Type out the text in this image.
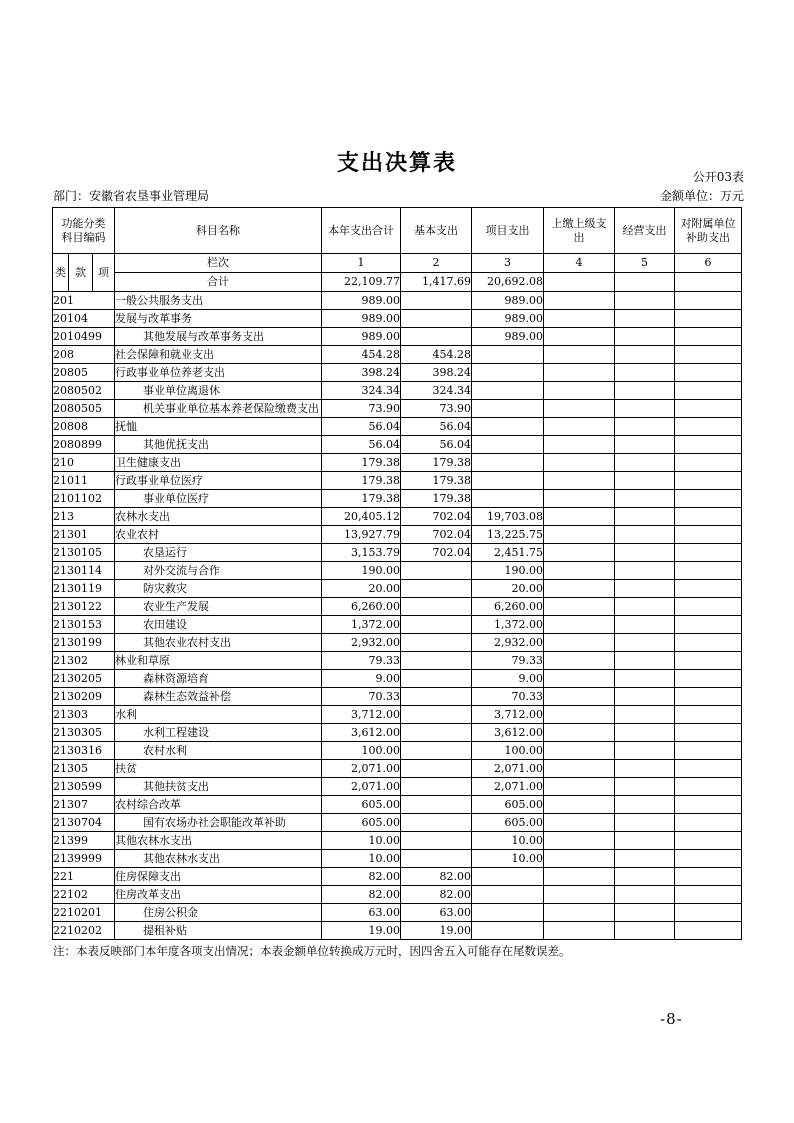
支出决算表
公开03表
部门：安徽省农垦事业管理局	金额单位：万元
功能分类科目编码			科目名称	本年支出合计	基本支出	项目支出	上缴上级支出	经营支出	对附属单位补助支出
类	款	项	栏次	1	2	3	4	5	6
			合计	22,109.77	1,417.69	20,692.08			
201			一般公共服务支出	989.00		989.00			
20104			发展与改革事务	989.00		989.00			
2010499			其他发展与改革事务支出	989.00		989.00			
208			社会保障和就业支出	454.28	454.28				
20805			行政事业单位养老支出	398.24	398.24				
2080502			事业单位离退休	324.34	324.34				
2080505			机关事业单位基本养老保险缴费支出	73.90	73.90				
20808			抚恤	56.04	56.04				
2080899			其他优抚支出	56.04	56.04				
210			卫生健康支出	179.38	179.38				
21011			行政事业单位医疗	179.38	179.38				
2101102			事业单位医疗	179.38	179.38				
213			农林水支出	20,405.12	702.04	19,703.08			
21301			农业农村	13,927.79	702.04	13,225.75			
2130105			农垦运行	3,153.79	702.04	2,451.75			
2130114			对外交流与合作	190.00		190.00			
2130119			防灾救灾	20.00		20.00			
2130122			农业生产发展	6,260.00		6,260.00			
2130153			农田建设	1,372.00		1,372.00			
2130199			其他农业农村支出	2,932.00		2,932.00			
21302			林业和草原	79.33		79.33			
2130205			森林资源培育	9.00		9.00			
2130209			森林生态效益补偿	70.33		70.33			
21303			水利	3,712.00		3,712.00			
2130305			水利工程建设	3,612.00		3,612.00			
2130316			农村水利	100.00		100.00			
21305			扶贫	2,071.00		2,071.00			
2130599			其他扶贫支出	2,071.00		2,071.00			
21307			农村综合改革	605.00		605.00			
2130704			国有农场办社会职能改革补助	605.00		605.00			
21399			其他农林水支出	10.00		10.00			
2139999			其他农林水支出	10.00		10.00			
221			住房保障支出	82.00	82.00				
22102			住房改革支出	82.00	82.00				
2210201			住房公积金	63.00	63.00				
2210202			提租补贴	19.00	19.00				
注：本表反映部门本年度各项支出情况；本表金额单位转换成万元时，因四舍五入可能存在尾数误差。
-8-
